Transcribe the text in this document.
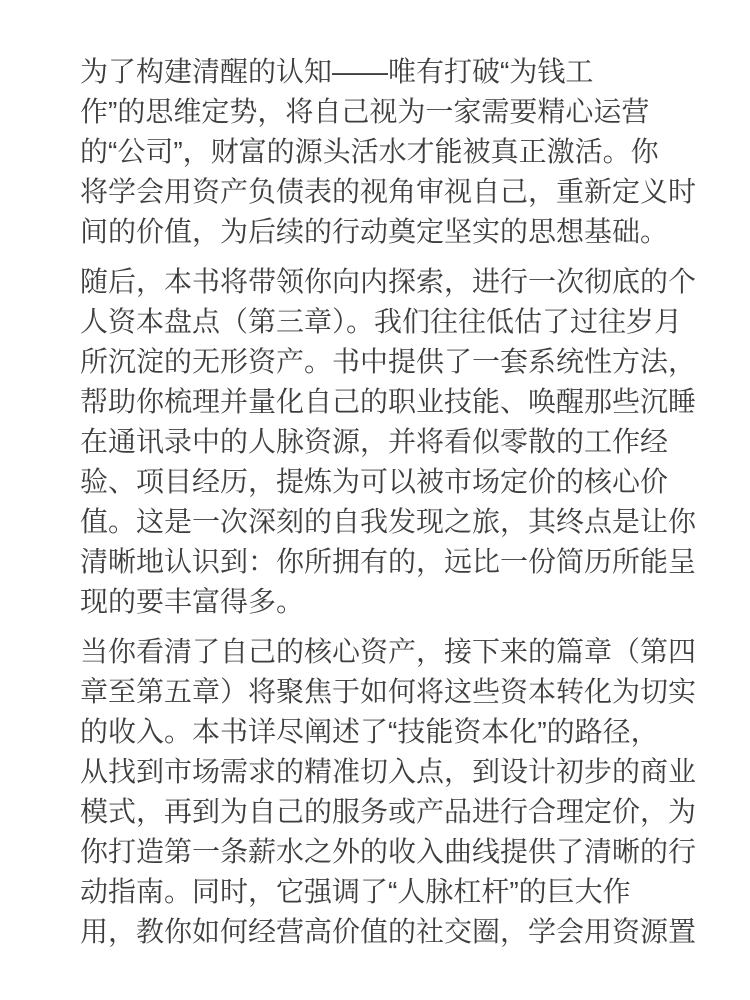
为了构建清醒的认知——唯有打破“为钱工
作”的思维定势，将自己视为一家需要精心运营
的“公司”，财富的源头活水才能被真正激活。你
将学会用资产负债表的视角审视自己，重新定义时
间的价值，为后续的行动奠定坚实的思想基础。

随后，本书将带领你向内探索，进行一次彻底的个
人资本盘点（第三章）。我们往往低估了过往岁月
所沉淀的无形资产。书中提供了一套系统性方法，
帮助你梳理并量化自己的职业技能、唤醒那些沉睡
在通讯录中的人脉资源，并将看似零散的工作经
验、项目经历，提炼为可以被市场定价的核心价
值。这是一次深刻的自我发现之旅，其终点是让你
清晰地认识到：你所拥有的，远比一份简历所能呈
现的要丰富得多。

当你看清了自己的核心资产，接下来的篇章（第四
章至第五章）将聚焦于如何将这些资本转化为切实
的收入。本书详尽阐述了“技能资本化”的路径，
从找到市场需求的精准切入点，到设计初步的商业
模式，再到为自己的服务或产品进行合理定价，为
你打造第一条薪水之外的收入曲线提供了清晰的行
动指南。同时，它强调了“人脉杠杆”的巨大作
用，教你如何经营高价值的社交圈，学会用资源置
